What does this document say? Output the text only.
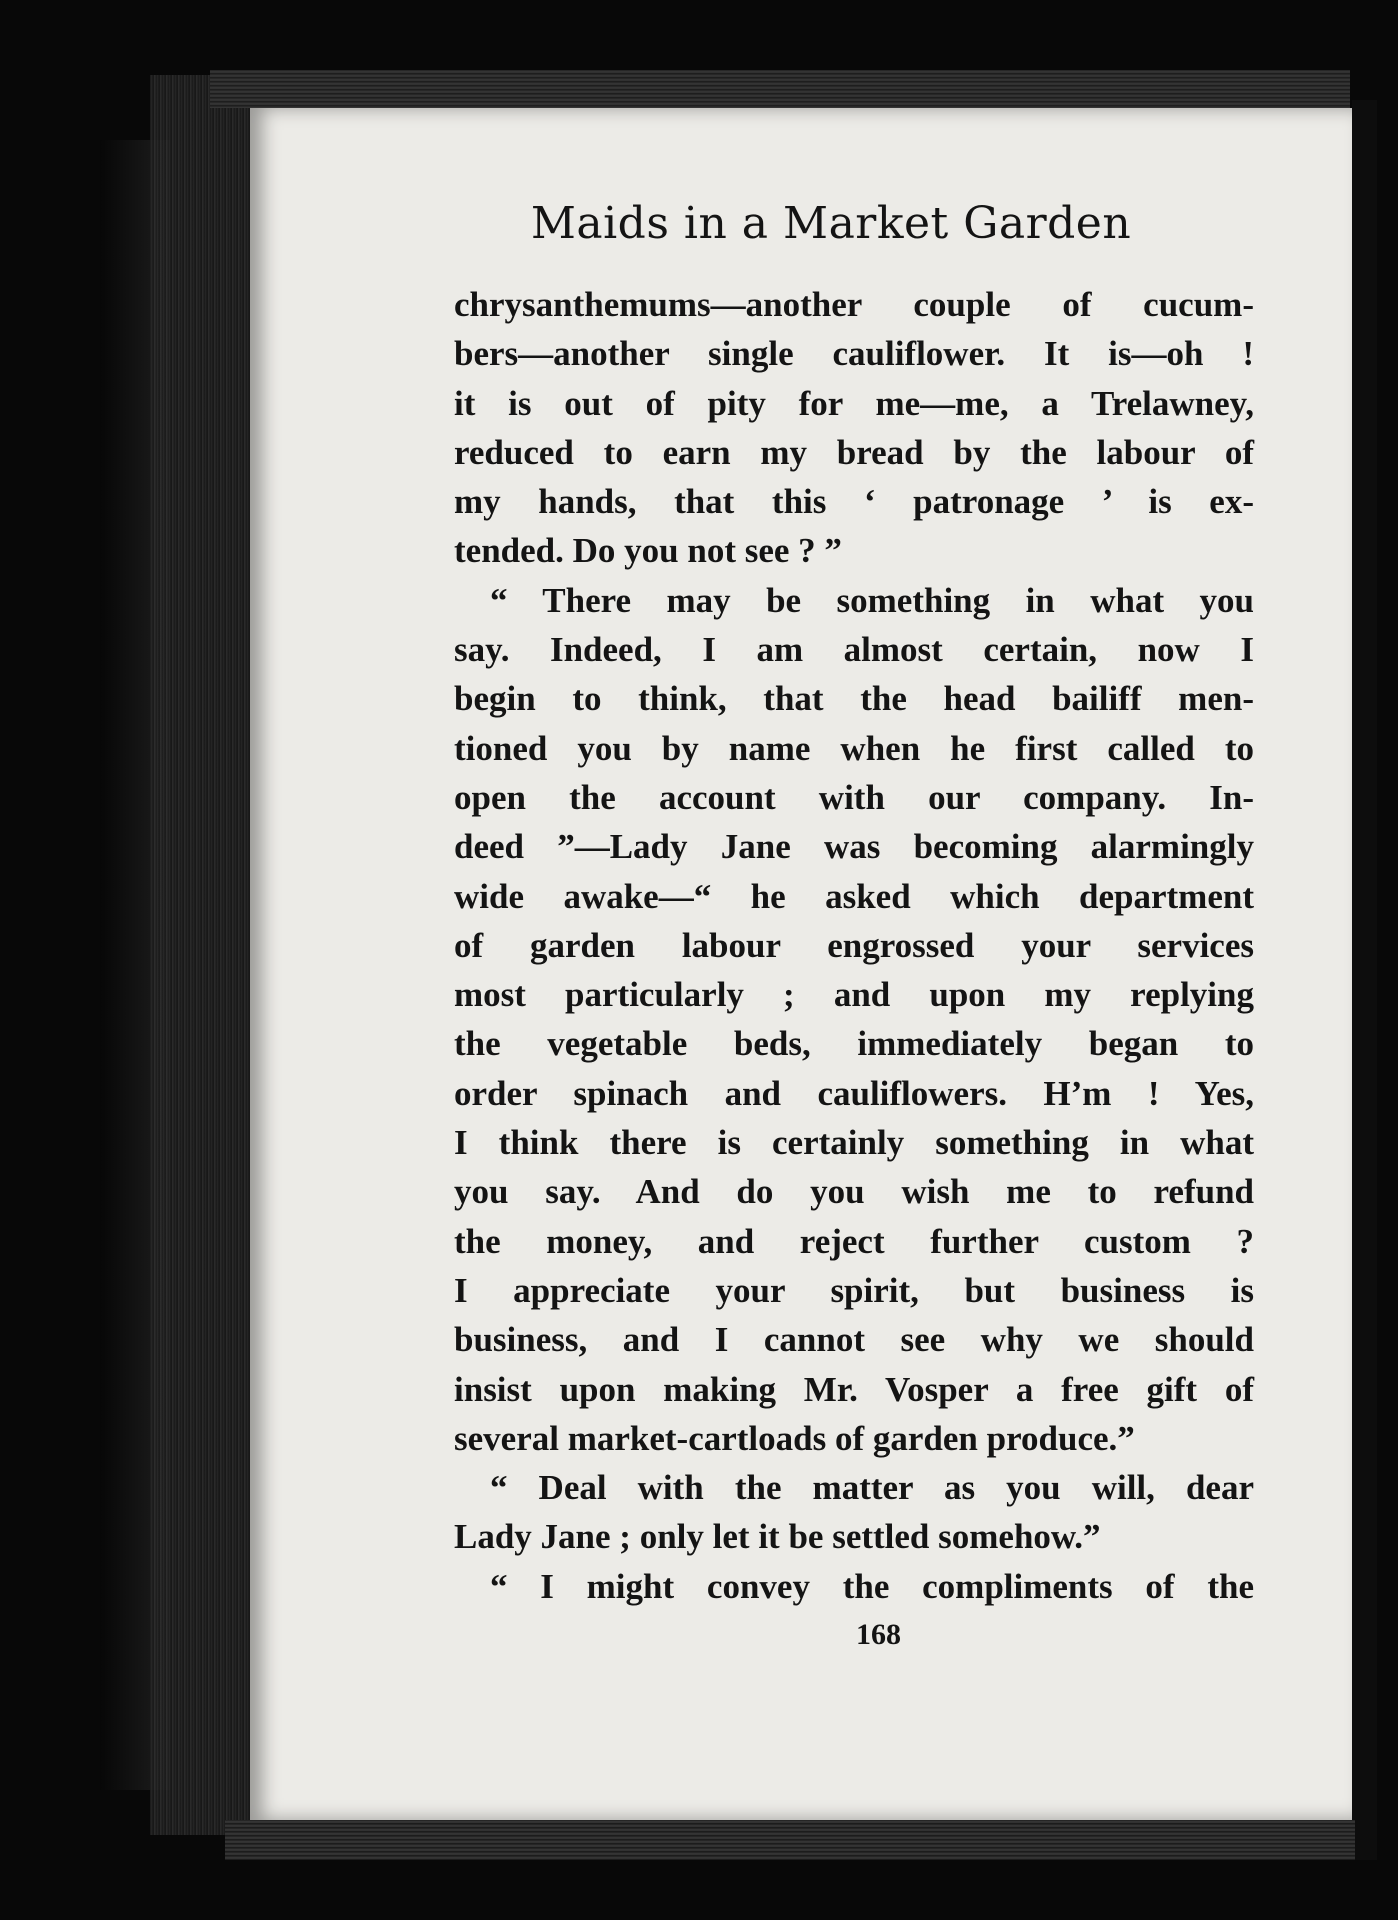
Maids in a Market Garden
chrysanthemums—another couple of cucum-
bers—another single cauliflower. It is—oh !
it is out of pity for me—me, a Trelawney,
reduced to earn my bread by the labour of
my hands, that this ‘ patronage ’ is ex-
tended. Do you not see ? ”
“ There may be something in what you
say. Indeed, I am almost certain, now I
begin to think, that the head bailiff men-
tioned you by name when he first called to
open the account with our company. In-
deed ”—Lady Jane was becoming alarmingly
wide awake—“ he asked which department
of garden labour engrossed your services
most particularly ; and upon my replying
the vegetable beds, immediately began to
order spinach and cauliflowers. H’m ! Yes,
I think there is certainly something in what
you say. And do you wish me to refund
the money, and reject further custom ?
I appreciate your spirit, but business is
business, and I cannot see why we should
insist upon making Mr. Vosper a free gift of
several market-cartloads of garden produce.”
“ Deal with the matter as you will, dear
Lady Jane ; only let it be settled somehow.”
“ I might convey the compliments of the
168
